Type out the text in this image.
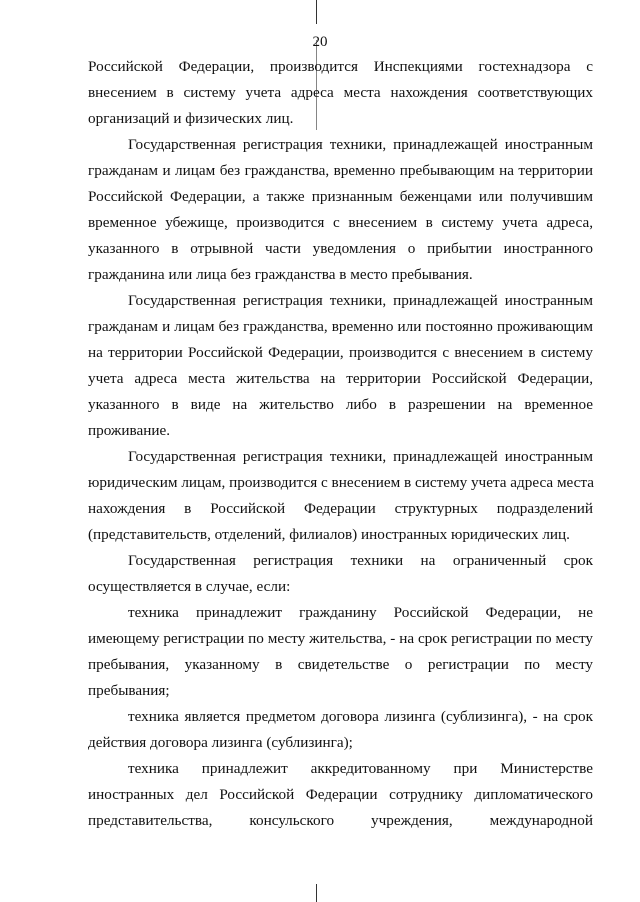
20
Российской Федерации, производится Инспекциями гостехнадзора с
внесением в систему учета адреса места нахождения соответствующих
организаций и физических лиц.
Государственная регистрация техники, принадлежащей иностранным
гражданам и лицам без гражданства, временно пребывающим на территории
Российской Федерации, а также признанным беженцами или получившим
временное убежище, производится с внесением в систему учета адреса,
указанного в отрывной части уведомления о прибытии иностранного
гражданина или лица без гражданства в место пребывания.
Государственная регистрация техники, принадлежащей иностранным
гражданам и лицам без гражданства, временно или постоянно проживающим
на территории Российской Федерации, производится с внесением в систему
учета адреса места жительства на территории Российской Федерации,
указанного в виде на жительство либо в разрешении на временное
проживание.
Государственная регистрация техники, принадлежащей иностранным
юридическим лицам, производится с внесением в систему учета адреса места
нахождения в Российской Федерации структурных подразделений
(представительств, отделений, филиалов) иностранных юридических лиц.
Государственная регистрация техники на ограниченный срок
осуществляется в случае, если:
техника принадлежит гражданину Российской Федерации, не
имеющему регистрации по месту жительства, - на срок регистрации по месту
пребывания, указанному в свидетельстве о регистрации по месту
пребывания;
техника является предметом договора лизинга (сублизинга), - на срок
действия договора лизинга (сублизинга);
техника принадлежит аккредитованному при Министерстве
иностранных дел Российской Федерации сотруднику дипломатического
представительства, консульского учреждения, международной
